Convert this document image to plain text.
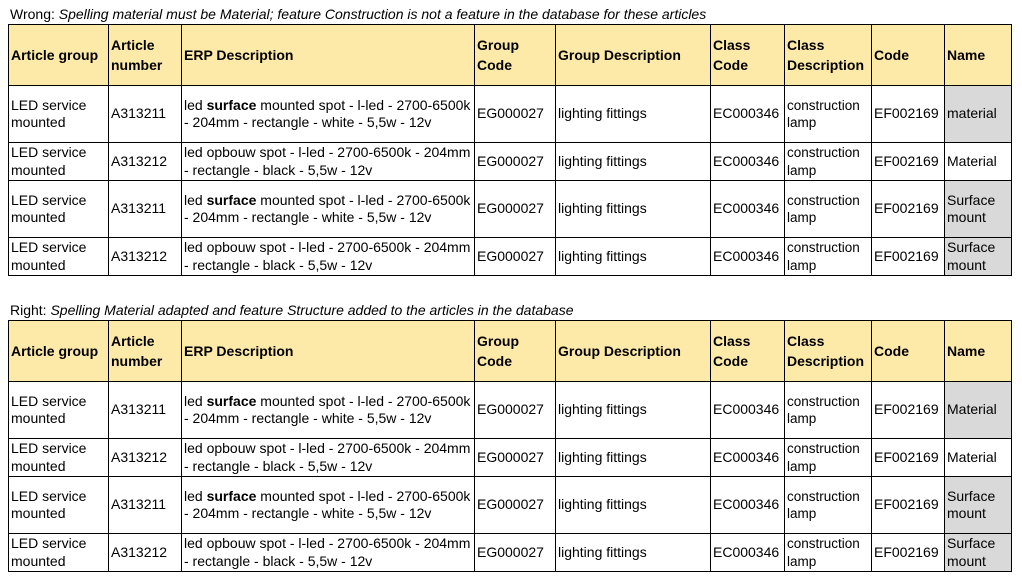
Wrong: Spelling material must be Material; feature Construction is not a feature in the database for these articles
Article group	Article number	ERP Description	Group Code	Group Description	Class Code	Class Description	Code	Name
LED service mounted	A313211	led surface mounted spot - l-led - 2700-6500k - 204mm - rectangle - white - 5,5w - 12v	EG000027	lighting fittings	EC000346	construction lamp	EF002169	material
LED service mounted	A313212	led opbouw spot - l-led - 2700-6500k - 204mm - rectangle - black - 5,5w - 12v	EG000027	lighting fittings	EC000346	construction lamp	EF002169	Material
LED service mounted	A313211	led surface mounted spot - l-led - 2700-6500k - 204mm - rectangle - white - 5,5w - 12v	EG000027	lighting fittings	EC000346	construction lamp	EF002169	Surface mount
LED service mounted	A313212	led opbouw spot - l-led - 2700-6500k - 204mm - rectangle - black - 5,5w - 12v	EG000027	lighting fittings	EC000346	construction lamp	EF002169	Surface mount
Right: Spelling Material adapted and feature Structure added to the articles in the database
Article group	Article number	ERP Description	Group Code	Group Description	Class Code	Class Description	Code	Name
LED service mounted	A313211	led surface mounted spot - l-led - 2700-6500k - 204mm - rectangle - white - 5,5w - 12v	EG000027	lighting fittings	EC000346	construction lamp	EF002169	Material
LED service mounted	A313212	led opbouw spot - l-led - 2700-6500k - 204mm - rectangle - black - 5,5w - 12v	EG000027	lighting fittings	EC000346	construction lamp	EF002169	Material
LED service mounted	A313211	led surface mounted spot - l-led - 2700-6500k - 204mm - rectangle - white - 5,5w - 12v	EG000027	lighting fittings	EC000346	construction lamp	EF002169	Surface mount
LED service mounted	A313212	led opbouw spot - l-led - 2700-6500k - 204mm - rectangle - black - 5,5w - 12v	EG000027	lighting fittings	EC000346	construction lamp	EF002169	Surface mount
